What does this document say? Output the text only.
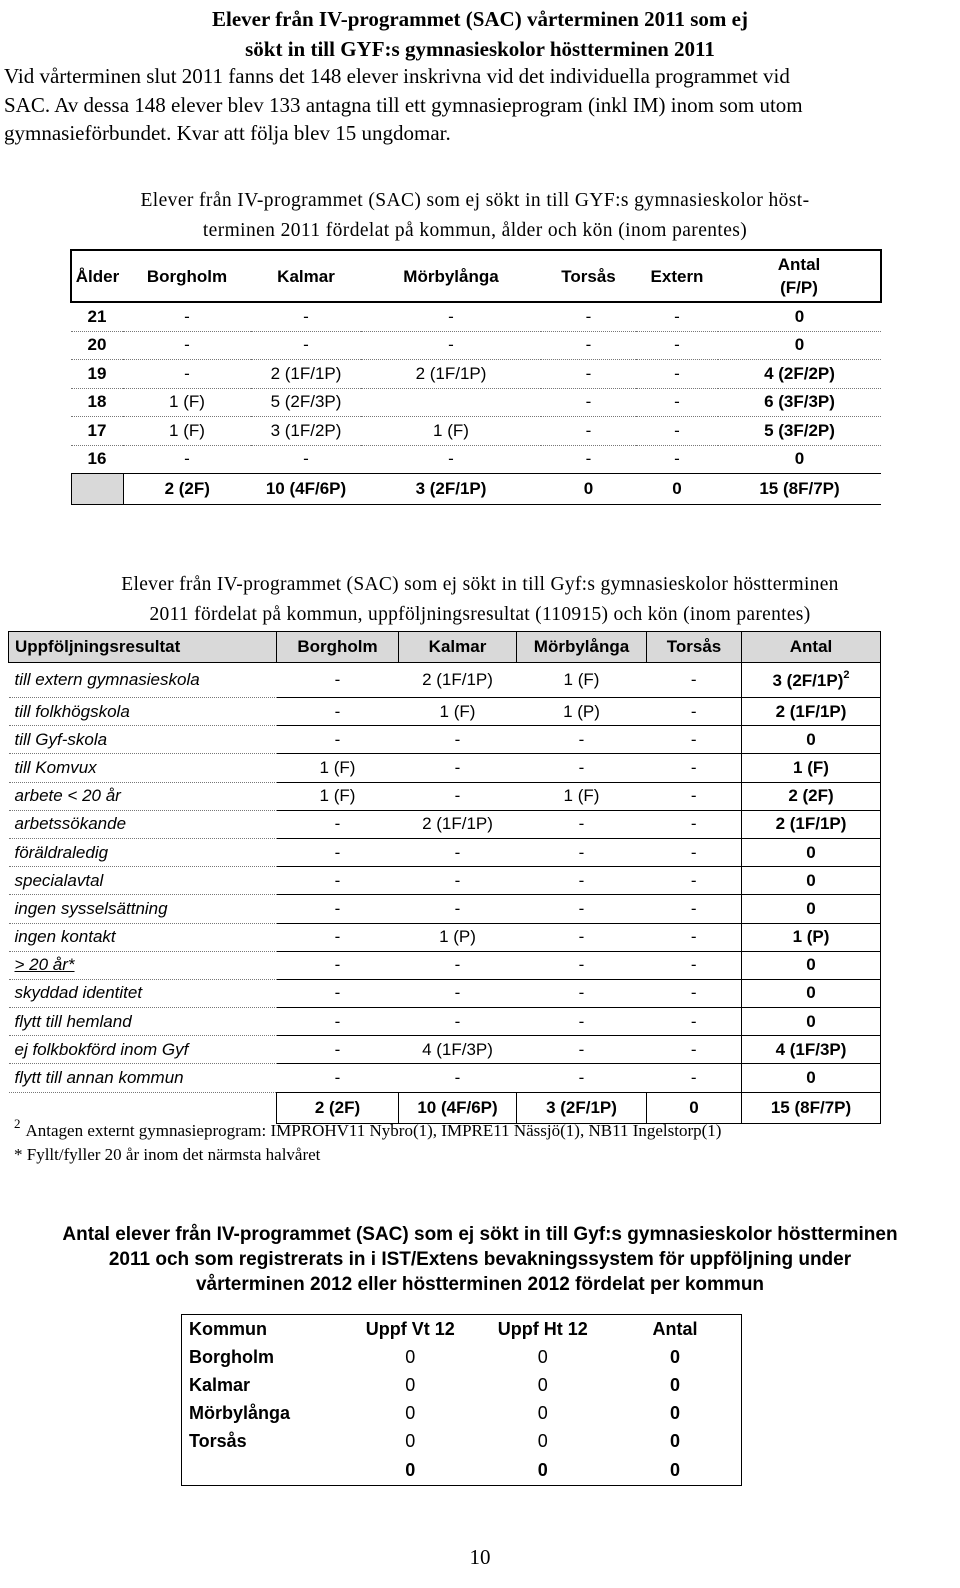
Elever från IV-programmet (SAC) vårterminen 2011 som ej
sökt in till GYF:s gymnasieskolor höstterminen 2011
Vid vårterminen slut 2011 fanns det 148 elever inskrivna vid det individuella programmet vid
SAC. Av dessa 148 elever blev 133 antagna till ett gymnasieprogram (inkl IM) inom som utom
gymnasieförbundet. Kvar att följa blev 15 ungdomar.
Elever från IV-programmet (SAC) som ej sökt in till GYF:s gymnasieskolor höst-
terminen 2011 fördelat på kommun, ålder och kön (inom parentes)
Ålder	Borgholm	Kalmar	Mörbylånga	Torsås	Extern	Antal
(F/P)

21	-	-	-	-	-	0
20	-	-	-	-	-	0
19	-	2 (1F/1P)	2 (1F/1P)	-	-	4 (2F/2P)
18	1 (F)	5 (2F/3P)		-	-	6 (3F/3P)
17	1 (F)	3 (1F/2P)	1 (F)	-	-	5 (3F/2P)
16	-	-	-	-	-	0
	2 (2F)	10 (4F/6P)	3 (2F/1P)	0	0	15 (8F/7P)
Elever från IV-programmet (SAC) som ej sökt in till Gyf:s gymnasieskolor höstterminen
2011 fördelat på kommun, uppföljningsresultat (110915) och kön (inom parentes)
Uppföljningsresultat	Borgholm	Kalmar	Mörbylånga	Torsås	Antal
till extern gymnasieskola	-	2 (1F/1P)	1 (F)	-	3 $(2F/1P)^2$
till folkhögskola	-	1 (F)	1 (P)	-	2 (1F/1P)
till Gyf-skola	-	-	-	-	0
till Komvux	1 (F)	-	-	-	1 (F)
arbete < 20 år	1 (F)	-	1 (F)	-	2 (2F)
arbetssökande	-	2 (1F/1P)	-	-	2 (1F/1P)
föräldraledig	-	-	-	-	0
specialavtal	-	-	-	-	0
ingen sysselsättning	-	-	-	-	0
ingen kontakt	-	1 (P)	-	-	1 (P)
> 20 år*	-	-	-	-	0
skyddad identitet	-	-	-	-	0
flytt till hemland	-	-	-	-	0
ej folkbokförd inom Gyf	-	4 (1F/3P)	-	-	4 (1F/3P)
flytt till annan kommun	-	-	-	-	0
	2 (2F)	10 (4F/6P)	3 (2F/1P)	0	15 (8F/7P)
$^2$ Antagen externt gymnasieprogram: IMPROHV11 Nybro(1), IMPRE11 Nässjö(1), NB11 Ingelstorp(1)
* Fyllt/fyller 20 år inom det närmsta halvåret
Antal elever från IV-programmet (SAC) som ej sökt in till Gyf:s gymnasieskolor höstterminen
2011 och som registrerats in i IST/Extens bevakningssystem för uppföljning under
vårterminen 2012 eller höstterminen 2012 fördelat per kommun
Kommun	Uppf Vt 12	Uppf Ht 12	Antal
Borgholm	0	0	0
Kalmar	0	0	0
Mörbylånga	0	0	0
Torsås	0	0	0
	0	0	0
10
